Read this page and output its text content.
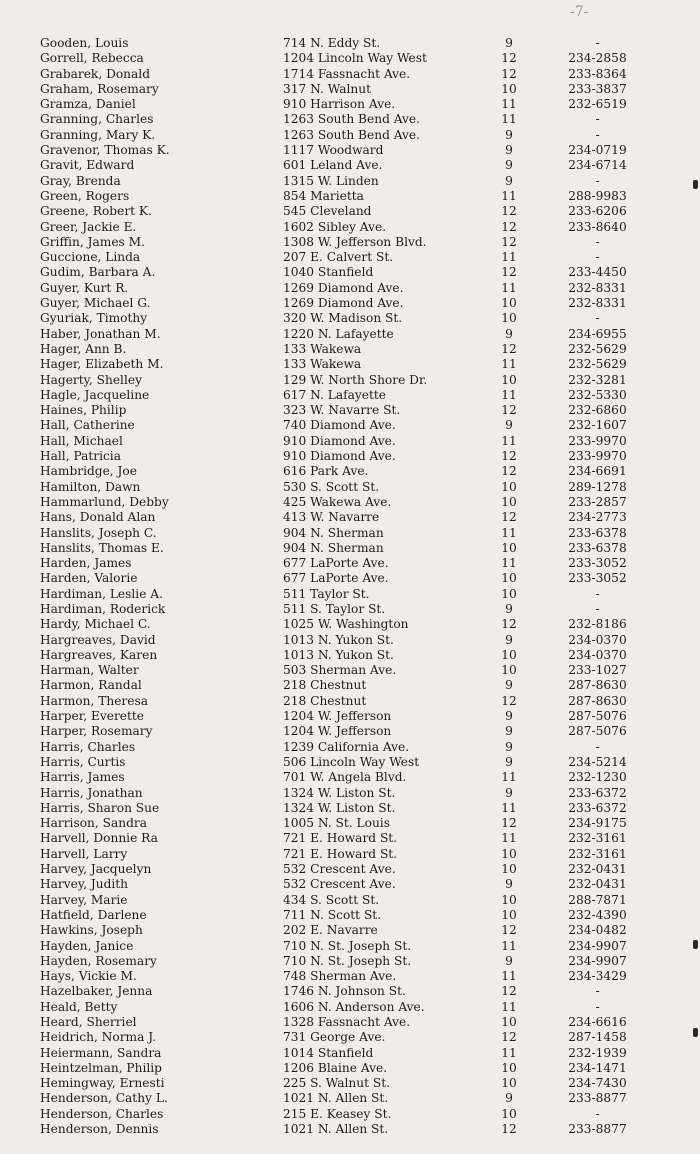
-7-
Gooden, Louis	714 N. Eddy St.	9	-
Gorrell, Rebecca	1204 Lincoln Way West	12	234-2858
Grabarek, Donald	1714 Fassnacht Ave.	12	233-8364
Graham, Rosemary	317 N. Walnut	10	233-3837
Gramza, Daniel	910 Harrison Ave.	11	232-6519
Granning, Charles	1263 South Bend Ave.	11	-
Granning, Mary K.	1263 South Bend Ave.	9	-
Gravenor, Thomas K.	1117 Woodward	9	234-0719
Gravit, Edward	601 Leland Ave.	9	234-6714
Gray, Brenda	1315 W. Linden	9	-
Green, Rogers	854 Marietta	11	288-9983
Greene, Robert K.	545 Cleveland	12	233-6206
Greer, Jackie E.	1602 Sibley Ave.	12	233-8640
Griffin, James M.	1308 W. Jefferson Blvd.	12	-
Guccione, Linda	207 E. Calvert St.	11	-
Gudim, Barbara A.	1040 Stanfield	12	233-4450
Guyer, Kurt R.	1269 Diamond Ave.	11	232-8331
Guyer, Michael G.	1269 Diamond Ave.	10	232-8331
Gyuriak, Timothy	320 W. Madison St.	10	-
Haber, Jonathan M.	1220 N. Lafayette	9	234-6955
Hager, Ann B.	133 Wakewa	12	232-5629
Hager, Elizabeth M.	133 Wakewa	11	232-5629
Hagerty, Shelley	129 W. North Shore Dr.	10	232-3281
Hagle, Jacqueline	617 N. Lafayette	11	232-5330
Haines, Philip	323 W. Navarre St.	12	232-6860
Hall, Catherine	740 Diamond Ave.	9	232-1607
Hall, Michael	910 Diamond Ave.	11	233-9970
Hall, Patricia	910 Diamond Ave.	12	233-9970
Hambridge, Joe	616 Park Ave.	12	234-6691
Hamilton, Dawn	530 S. Scott St.	10	289-1278
Hammarlund, Debby	425 Wakewa Ave.	10	233-2857
Hans, Donald Alan	413 W. Navarre	12	234-2773
Hanslits, Joseph C.	904 N. Sherman	11	233-6378
Hanslits, Thomas E.	904 N. Sherman	10	233-6378
Harden, James	677 LaPorte Ave.	11	233-3052
Harden, Valorie	677 LaPorte Ave.	10	233-3052
Hardiman, Leslie A.	511 Taylor St.	10	-
Hardiman, Roderick	511 S. Taylor St.	9	-
Hardy, Michael C.	1025 W. Washington	12	232-8186
Hargreaves, David	1013 N. Yukon St.	9	234-0370
Hargreaves, Karen	1013 N. Yukon St.	10	234-0370
Harman, Walter	503 Sherman Ave.	10	233-1027
Harmon, Randal	218 Chestnut	9	287-8630
Harmon, Theresa	218 Chestnut	12	287-8630
Harper, Everette	1204 W. Jefferson	9	287-5076
Harper, Rosemary	1204 W. Jefferson	9	287-5076
Harris, Charles	1239 California Ave.	9	-
Harris, Curtis	506 Lincoln Way West	9	234-5214
Harris, James	701 W. Angela Blvd.	11	232-1230
Harris, Jonathan	1324 W. Liston St.	9	233-6372
Harris, Sharon Sue	1324 W. Liston St.	11	233-6372
Harrison, Sandra	1005 N. St. Louis	12	234-9175
Harvell, Donnie Ra	721 E. Howard St.	11	232-3161
Harvell, Larry	721 E. Howard St.	10	232-3161
Harvey, Jacquelyn	532 Crescent Ave.	10	232-0431
Harvey, Judith	532 Crescent Ave.	9	232-0431
Harvey, Marie	434 S. Scott St.	10	288-7871
Hatfield, Darlene	711 N. Scott St.	10	232-4390
Hawkins, Joseph	202 E. Navarre	12	234-0482
Hayden, Janice	710 N. St. Joseph St.	11	234-9907
Hayden, Rosemary	710 N. St. Joseph St.	9	234-9907
Hays, Vickie M.	748 Sherman Ave.	11	234-3429
Hazelbaker, Jenna	1746 N. Johnson St.	12	-
Heald, Betty	1606 N. Anderson Ave.	11	-
Heard, Sherriel	1328 Fassnacht Ave.	10	234-6616
Heidrich, Norma J.	731 George Ave.	12	287-1458
Heiermann, Sandra	1014 Stanfield	11	232-1939
Heintzelman, Philip	1206 Blaine Ave.	10	234-1471
Hemingway, Ernesti	225 S. Walnut St.	10	234-7430
Henderson, Cathy L.	1021 N. Allen St.	9	233-8877
Henderson, Charles	215 E. Keasey St.	10	-
Henderson, Dennis	1021 N. Allen St.	12	233-8877
